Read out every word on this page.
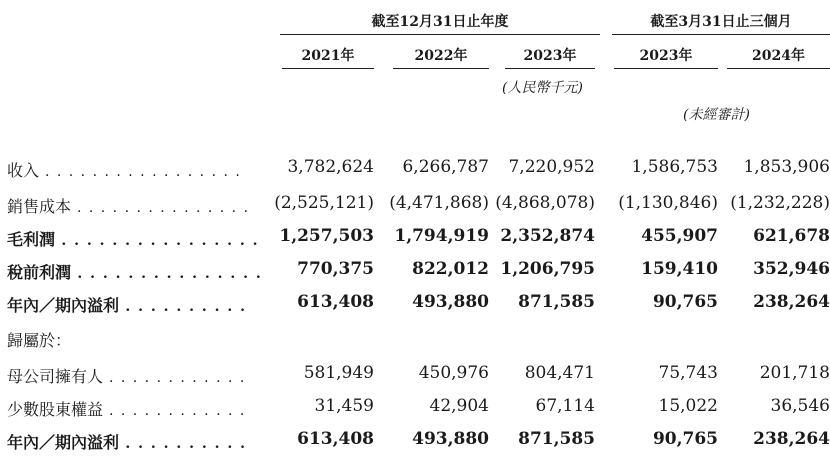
截至12月31日止年度	截至3月31日止三個月
2021年	2022年	2023年	2023年	2024年
(人民幣千元)
(未經審計)
收入 . . . . . . . . . . . . . . . . .	3,782,624	6,266,787	7,220,952	1,586,753	1,853,906
銷售成本 . . . . . . . . . . . . . . .	(2,525,121) (4,471,868) (4,868,078)	(1,130,846) (1,232,228)
毛利潤 . . . . . . . . . . . . . . . .	1,257,503	1,794,919 2,352,874	455,907	621,678
稅前利潤 . . . . . . . . . . . . . . .	770,375	822,012 1,206,795	159,410	352,946
年內／期內溢利 . . . . . . . . . .	613,408	493,880	871,585	90,765	238,264
歸屬於：
母公司擁有人 . . . . . . . . . . . .	581,949	450,976	804,471	75,743	201,718
少數股東權益 . . . . . . . . . . . .	31,459	42,904	67,114	15,022	36,546
年內／期內溢利 . . . . . . . . . .	613,408	493,880	871,585	90,765	238,264
